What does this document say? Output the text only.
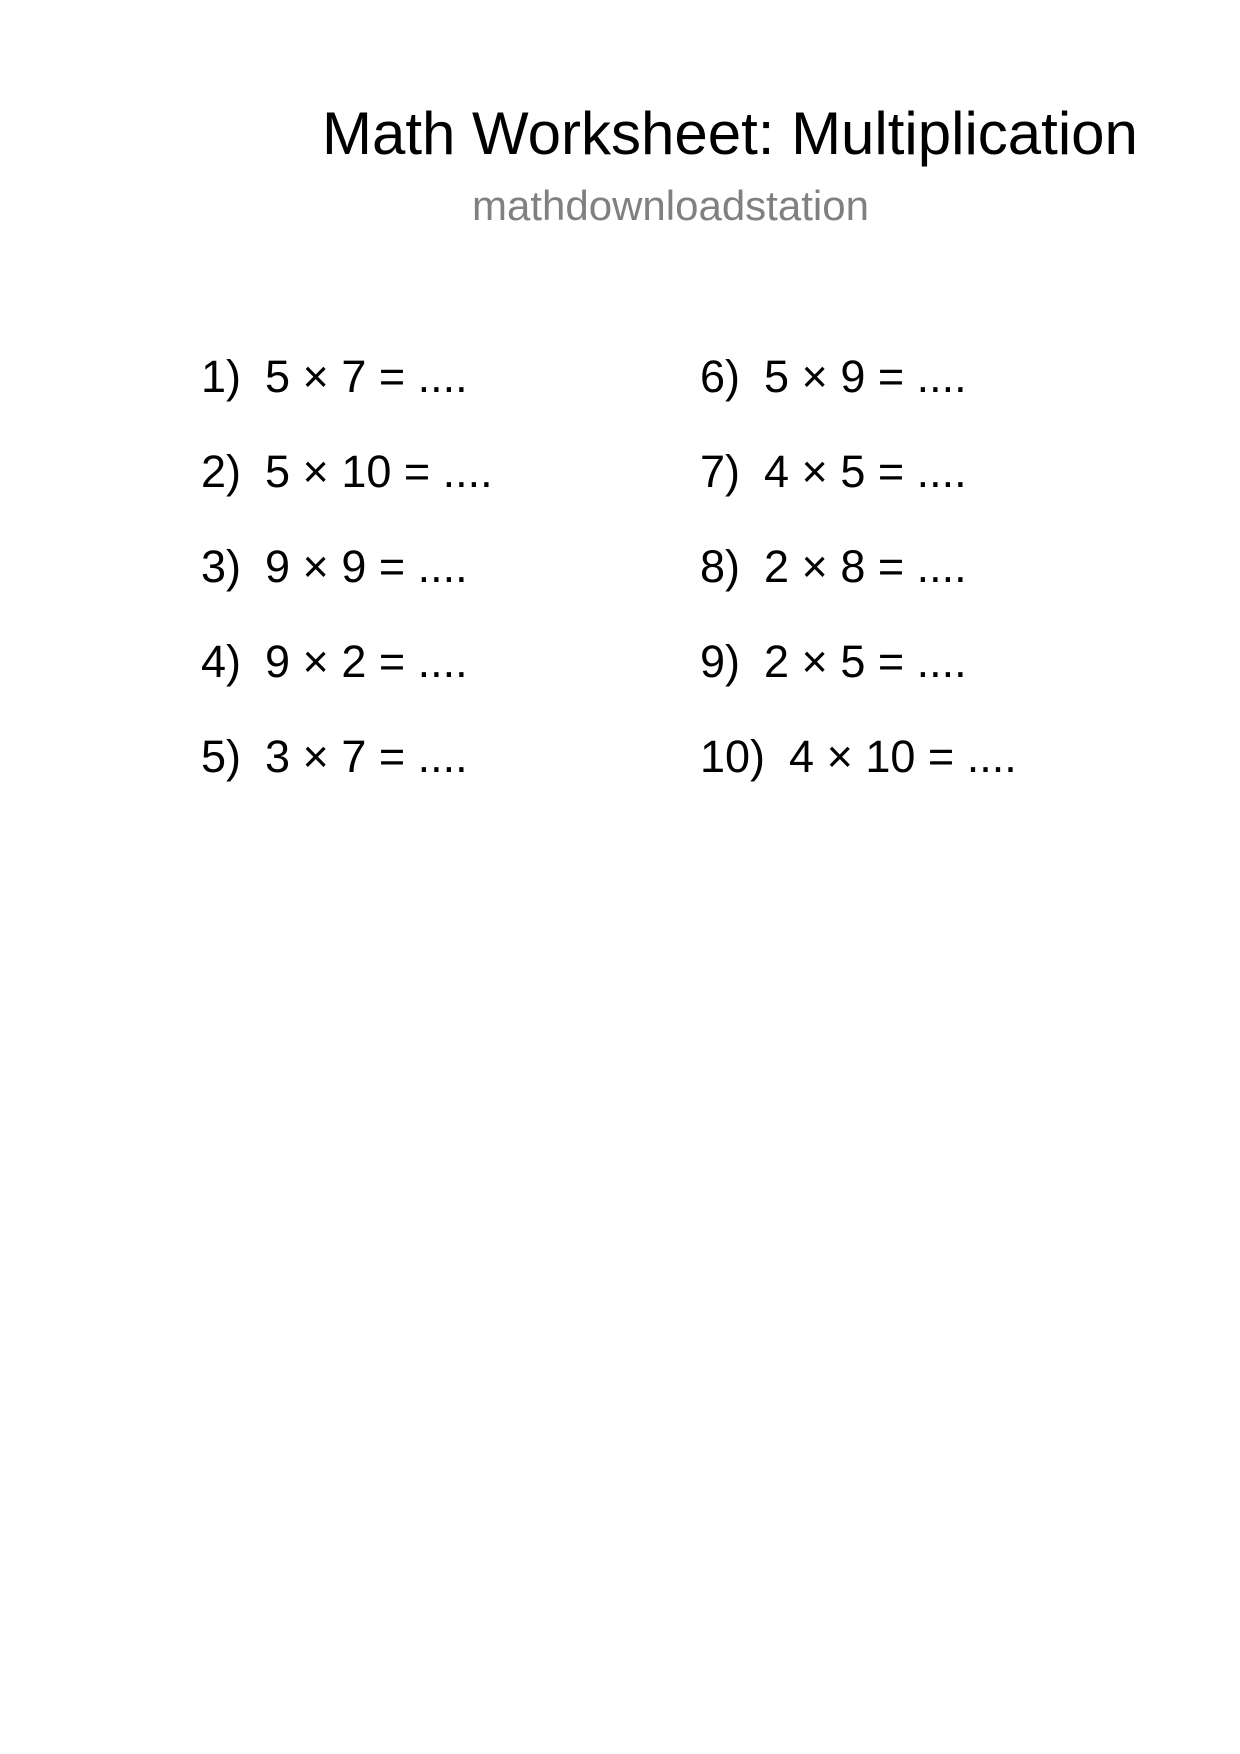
Math Worksheet: Multiplication
mathdownloadstation
1) 5 × 7 = ....
2) 5 × 10 = ....
3) 9 × 9 = ....
4) 9 × 2 = ....
5) 3 × 7 = ....
6) 5 × 9 = ....
7) 4 × 5 = ....
8) 2 × 8 = ....
9) 2 × 5 = ....
10) 4 × 10 = ....
